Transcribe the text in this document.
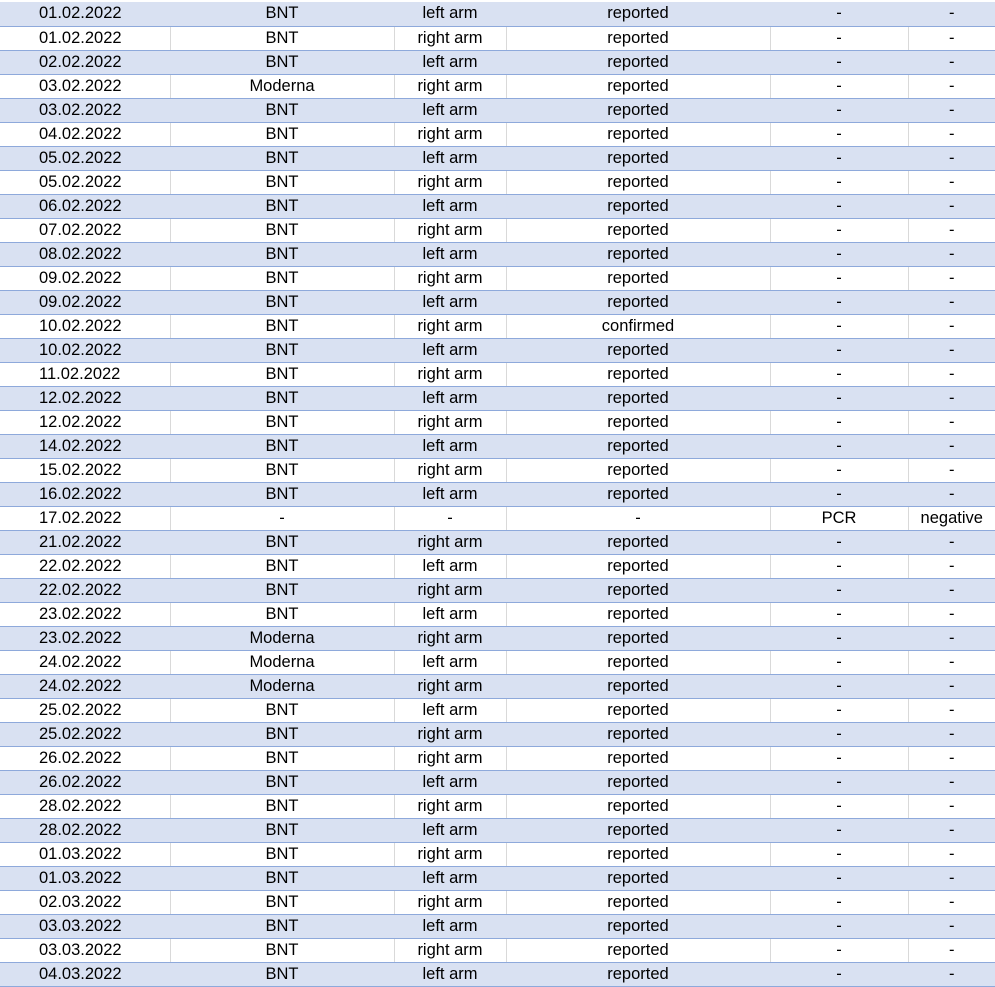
01.02.2022	BNT	left arm	reported	-	-
01.02.2022	BNT	right arm	reported	-	-
02.02.2022	BNT	left arm	reported	-	-
03.02.2022	Moderna	right arm	reported	-	-
03.02.2022	BNT	left arm	reported	-	-
04.02.2022	BNT	right arm	reported	-	-
05.02.2022	BNT	left arm	reported	-	-
05.02.2022	BNT	right arm	reported	-	-
06.02.2022	BNT	left arm	reported	-	-
07.02.2022	BNT	right arm	reported	-	-
08.02.2022	BNT	left arm	reported	-	-
09.02.2022	BNT	right arm	reported	-	-
09.02.2022	BNT	left arm	reported	-	-
10.02.2022	BNT	right arm	confirmed	-	-
10.02.2022	BNT	left arm	reported	-	-
11.02.2022	BNT	right arm	reported	-	-
12.02.2022	BNT	left arm	reported	-	-
12.02.2022	BNT	right arm	reported	-	-
14.02.2022	BNT	left arm	reported	-	-
15.02.2022	BNT	right arm	reported	-	-
16.02.2022	BNT	left arm	reported	-	-
17.02.2022	-	-	-	PCR	negative
21.02.2022	BNT	right arm	reported	-	-
22.02.2022	BNT	left arm	reported	-	-
22.02.2022	BNT	right arm	reported	-	-
23.02.2022	BNT	left arm	reported	-	-
23.02.2022	Moderna	right arm	reported	-	-
24.02.2022	Moderna	left arm	reported	-	-
24.02.2022	Moderna	right arm	reported	-	-
25.02.2022	BNT	left arm	reported	-	-
25.02.2022	BNT	right arm	reported	-	-
26.02.2022	BNT	right arm	reported	-	-
26.02.2022	BNT	left arm	reported	-	-
28.02.2022	BNT	right arm	reported	-	-
28.02.2022	BNT	left arm	reported	-	-
01.03.2022	BNT	right arm	reported	-	-
01.03.2022	BNT	left arm	reported	-	-
02.03.2022	BNT	right arm	reported	-	-
03.03.2022	BNT	left arm	reported	-	-
03.03.2022	BNT	right arm	reported	-	-
04.03.2022	BNT	left arm	reported	-	-
